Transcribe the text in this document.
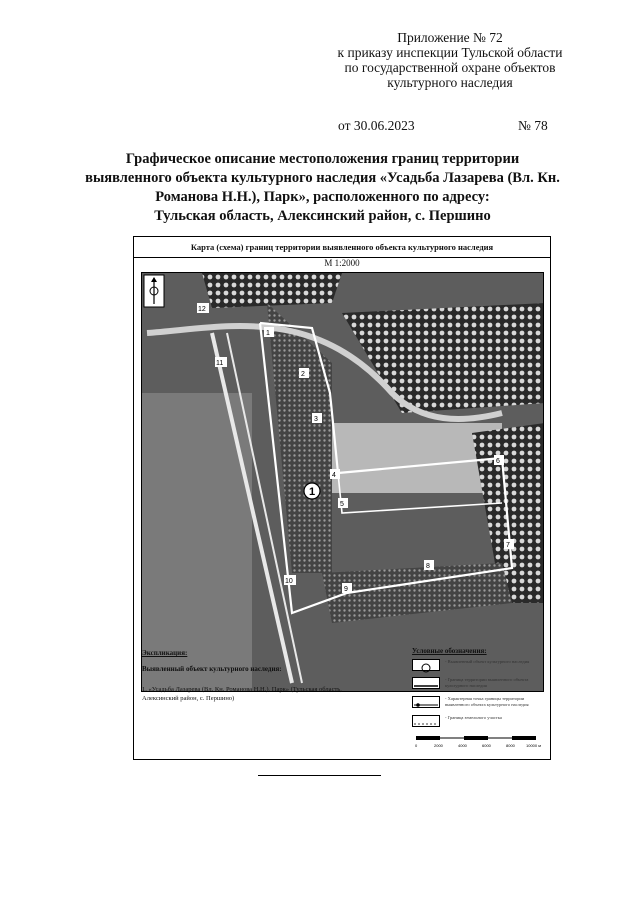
Приложение № 72
к приказу инспекции Тульской области
по государственной охране объектов
культурного наследия
от 30.06.2023	№ 78
Графическое описание местоположения границ территории
выявленного объекта культурного наследия «Усадьба Лазарева (Вл. Кн.
Романова Н.Н.), Парк», расположенного по адресу:
Тульская область, Алексинский район, с. Першино
Карта (схема) границ территории выявленного объекта культурного наследия
М 1:2000
1
1
2
3
4
5
6
7
8
9
10
11
12
Экспликация:
Выявленный объект культурного наследия:
1. «Усадьба Лазарева (Вл. Кн. Романова Н.Н.), Парк» (Тульская область, Алексинский район, с. Першино)
Условные обозначения:
- Выявленный объект культурного наследия
- Граница территории выявленного объекта культурного наследия
- Характерная точка границы территории выявленного объекта культурного наследия
- Граница земельного участка
0	2000	4000	6000	8000	10000 м
